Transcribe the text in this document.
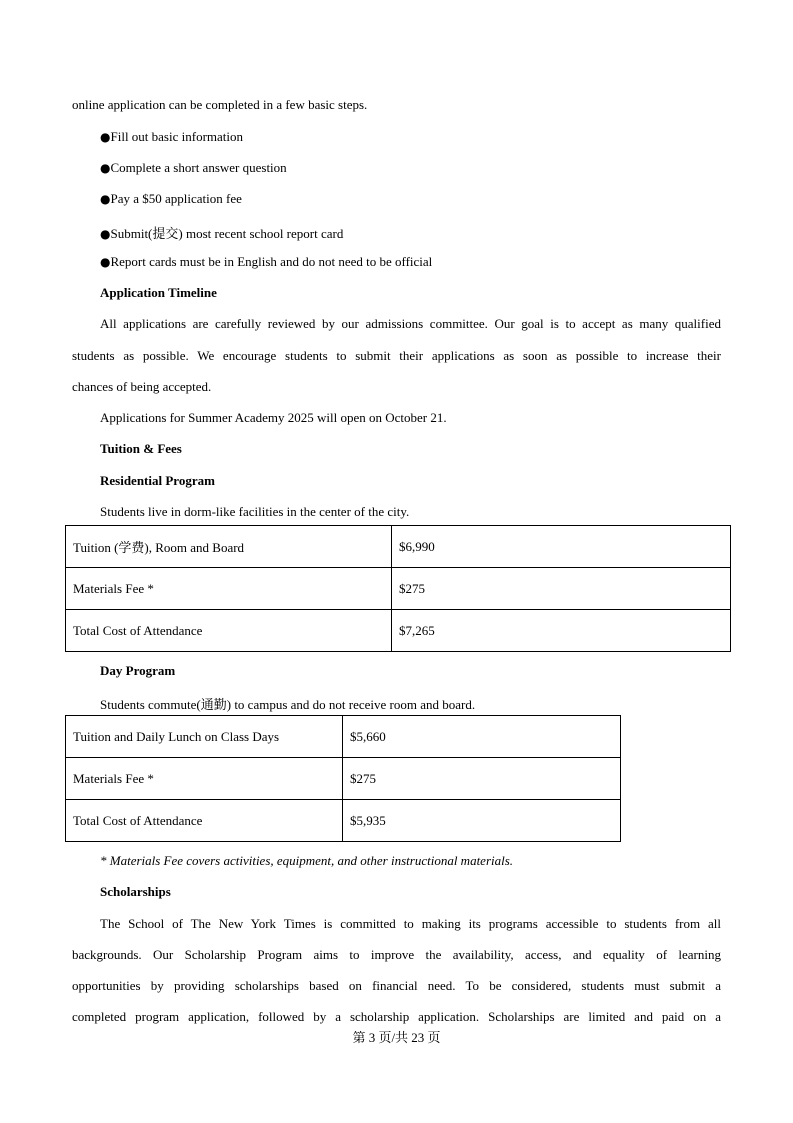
online application can be completed in a few basic steps.
●Fill out basic information
●Complete a short answer question
●Pay a $50 application fee
●Submit(提交) most recent school report card
●Report cards must be in English and do not need to be official
Application Timeline
All applications are carefully reviewed by our admissions committee. Our goal is to accept as many qualified
students as possible. We encourage students to submit their applications as soon as possible to increase their
chances of being accepted.
Applications for Summer Academy 2025 will open on October 21.
Tuition & Fees
Residential Program
Students live in dorm-like facilities in the center of the city.
Tuition (学费), Room and Board	$6,990
Materials Fee *	$275
Total Cost of Attendance	$7,265
Day Program
Students commute(通勤) to campus and do not receive room and board.
Tuition and Daily Lunch on Class Days	$5,660
Materials Fee *	$275
Total Cost of Attendance	$5,935
* Materials Fee covers activities, equipment, and other instructional materials.
Scholarships
The School of The New York Times is committed to making its programs accessible to students from all
backgrounds. Our Scholarship Program aims to improve the availability, access, and equality of learning
opportunities by providing scholarships based on financial need. To be considered, students must submit a
completed program application, followed by a scholarship application. Scholarships are limited and paid on a
第 3 页/共 23 页
